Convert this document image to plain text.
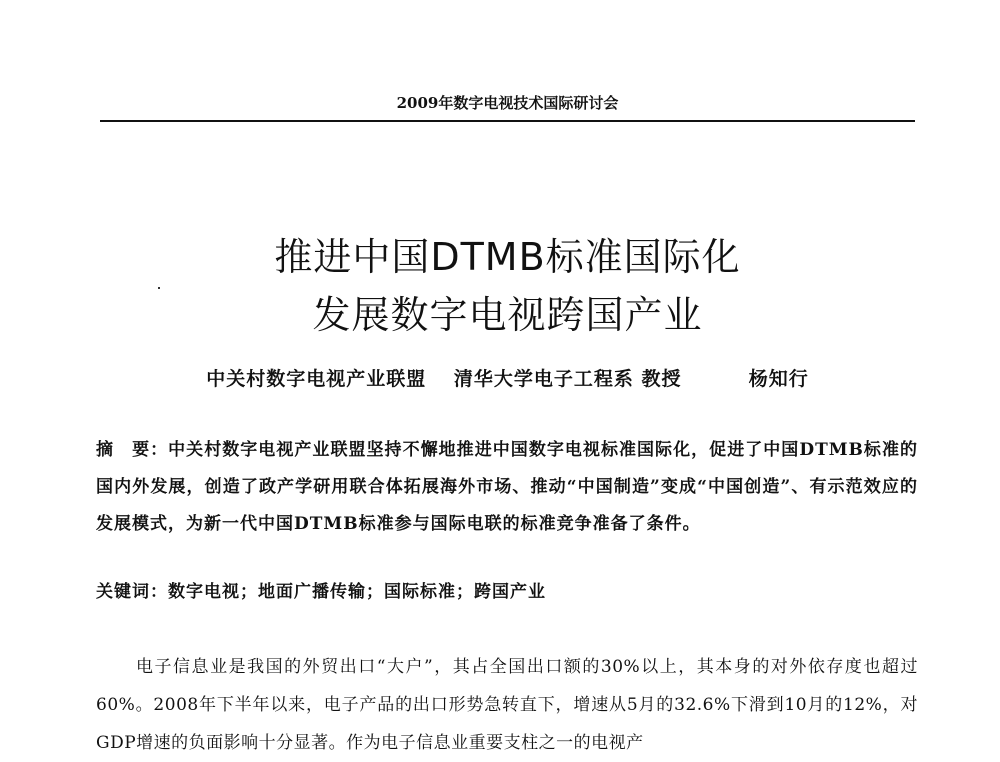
2009年数字电视技术国际研讨会
推进中国DTMB标准国际化
发展数字电视跨国产业
中关村数字电视产业联盟 清华大学电子工程系 教授	杨知行
摘　要：中关村数字电视产业联盟坚持不懈地推进中国数字电视标准国际化，促进了中国DTMB标准的国内外发展，创造了政产学研用联合体拓展海外市场、推动“中国制造”变成“中国创造”、有示范效应的发展模式，为新一代中国DTMB标准参与国际电联的标准竞争准备了条件。
关键词：数字电视；地面广播传输；国际标准；跨国产业
电子信息业是我国的外贸出口“大户”，其占全国出口额的30%以上，其本身的对外依存度也超过60%。2008年下半年以来，电子产品的出口形势急转直下，增速从5月的32.6%下滑到10月的12%，对GDP增速的负面影响十分显著。作为电子信息业重要支柱之一的电视产
